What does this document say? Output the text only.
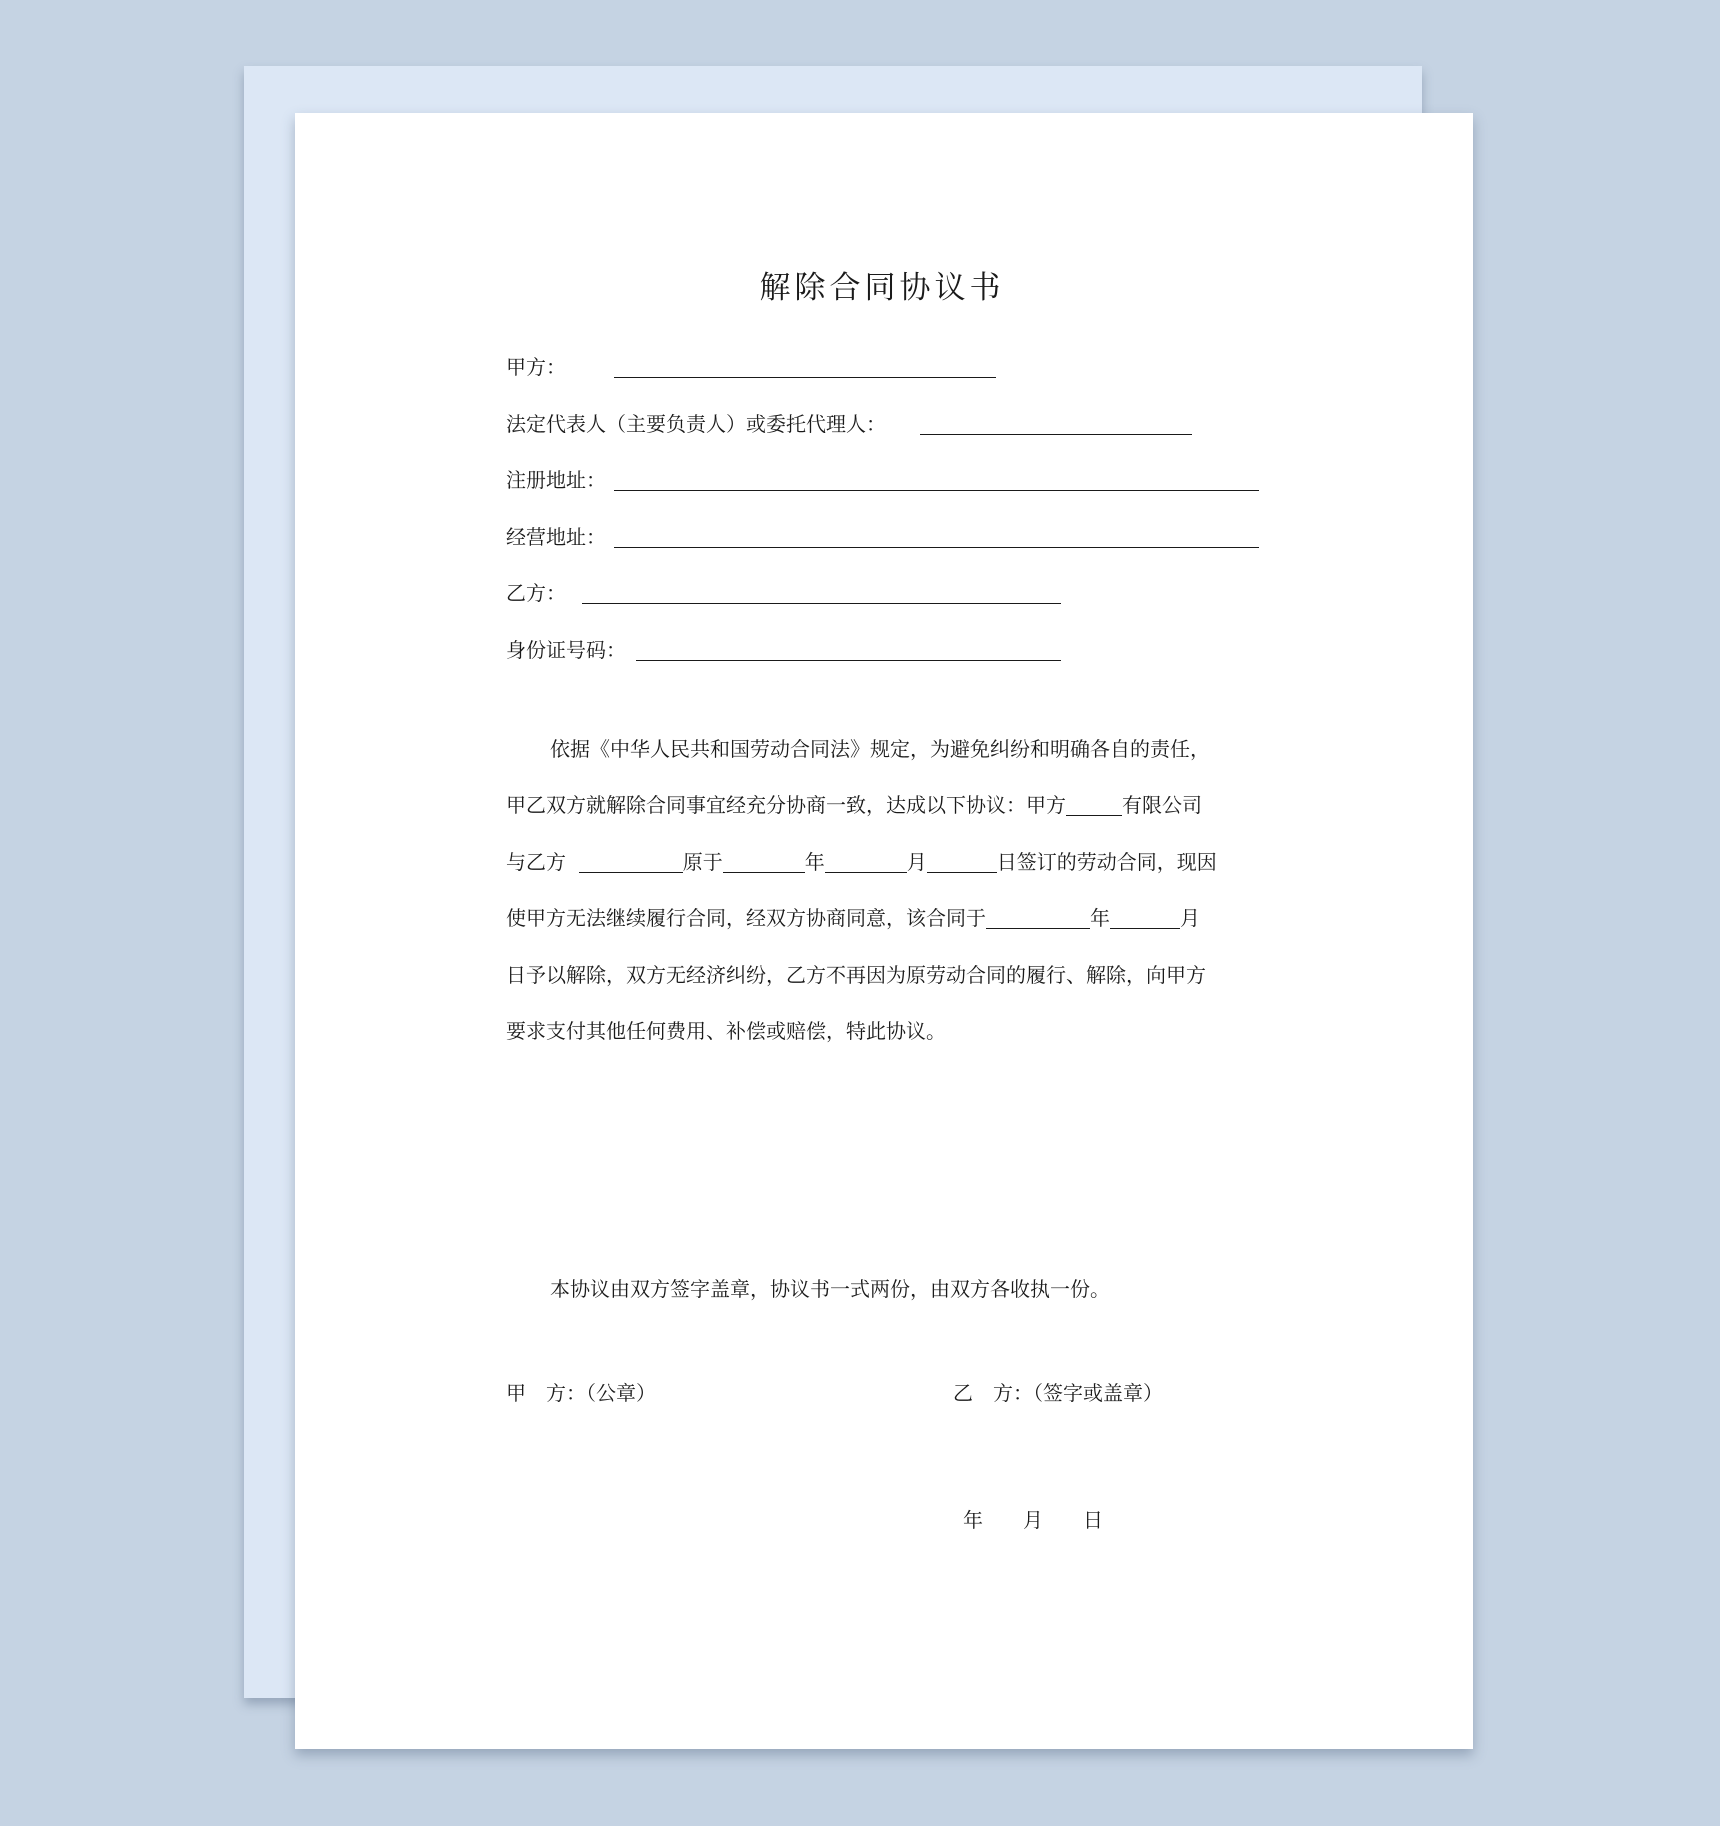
解除合同协议书
甲方：
法定代表人（主要负责人）或委托代理人：
注册地址：
经营地址：
乙方：
身份证号码：
依据《中华人民共和国劳动合同法》规定，为避免纠纷和明确各自的责任，
甲乙双方就解除合同事宜经充分协商一致，达成以下协议：甲方	有限公司
与乙方	原于	年	月	日签订的劳动合同，现因
使甲方无法继续履行合同，经双方协商同意，该合同于	年	月
日予以解除，双方无经济纠纷，乙方不再因为原劳动合同的履行、解除，向甲方
要求支付其他任何费用、补偿或赔偿，特此协议。
本协议由双方签字盖章，协议书一式两份，由双方各收执一份。
甲　方：（公章）	乙　方：（签字或盖章）
年　　月　　日
